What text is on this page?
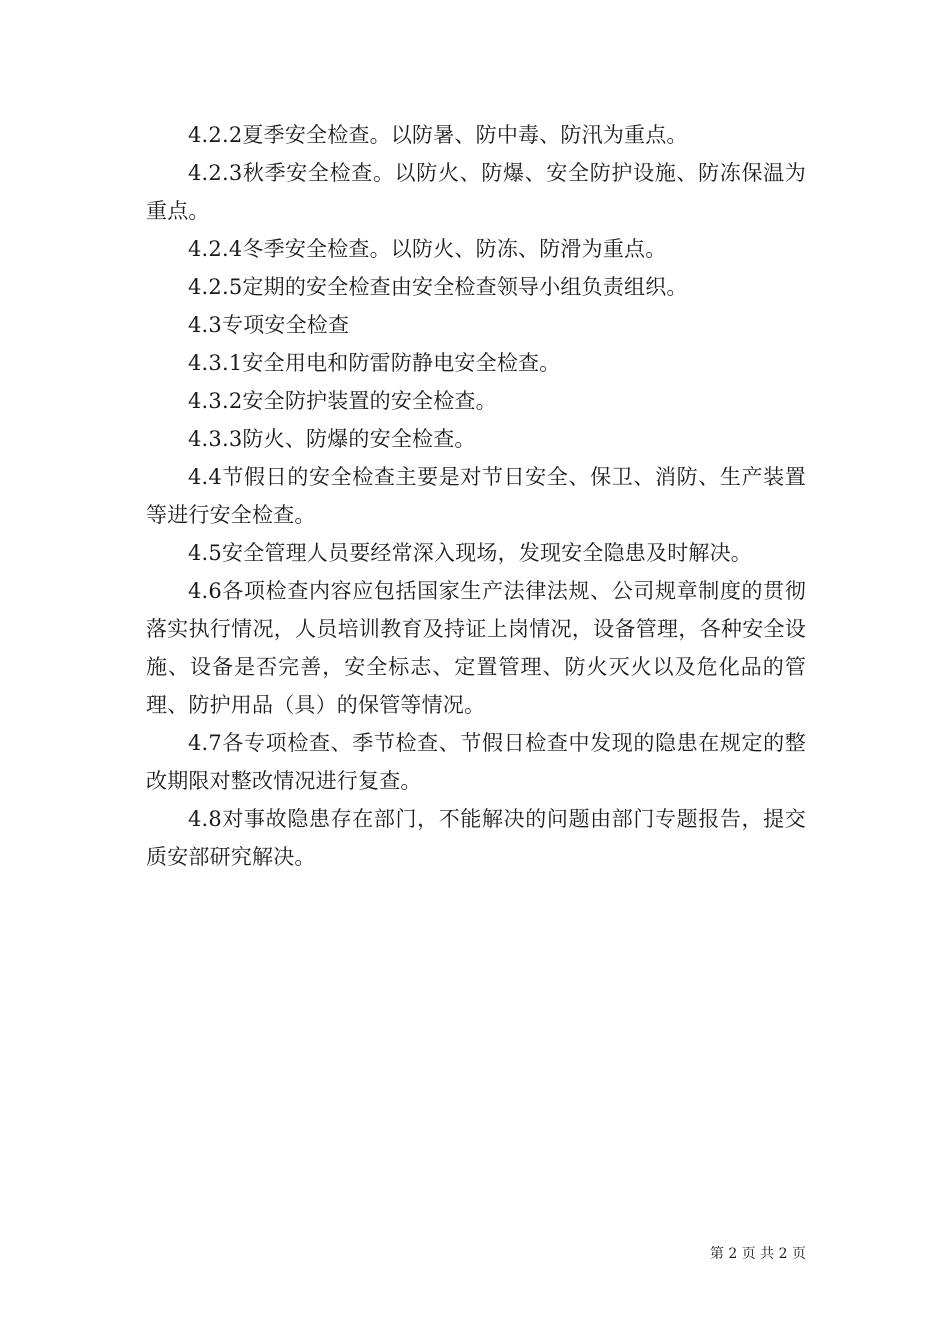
4.2.2夏季安全检查。以防暑、防中毒、防汛为重点。

4.2.3秋季安全检查。以防火、防爆、安全防护设施、防冻保温为重点。

4.2.4冬季安全检查。以防火、防冻、防滑为重点。

4.2.5定期的安全检查由安全检查领导小组负责组织。

4.3专项安全检查

4.3.1安全用电和防雷防静电安全检查。

4.3.2安全防护装置的安全检查。

4.3.3防火、防爆的安全检查。

4.4节假日的安全检查主要是对节日安全、保卫、消防、生产装置等进行安全检查。

4.5安全管理人员要经常深入现场，发现安全隐患及时解决。

4.6各项检查内容应包括国家生产法律法规、公司规章制度的贯彻落实执行情况，人员培训教育及持证上岗情况，设备管理，各种安全设施、设备是否完善，安全标志、定置管理、防火灭火以及危化品的管理、防护用品（具）的保管等情况。

4.7各专项检查、季节检查、节假日检查中发现的隐患在规定的整改期限对整改情况进行复查。

4.8对事故隐患存在部门，不能解决的问题由部门专题报告，提交质安部研究解决。

第 2 页 共 2 页
